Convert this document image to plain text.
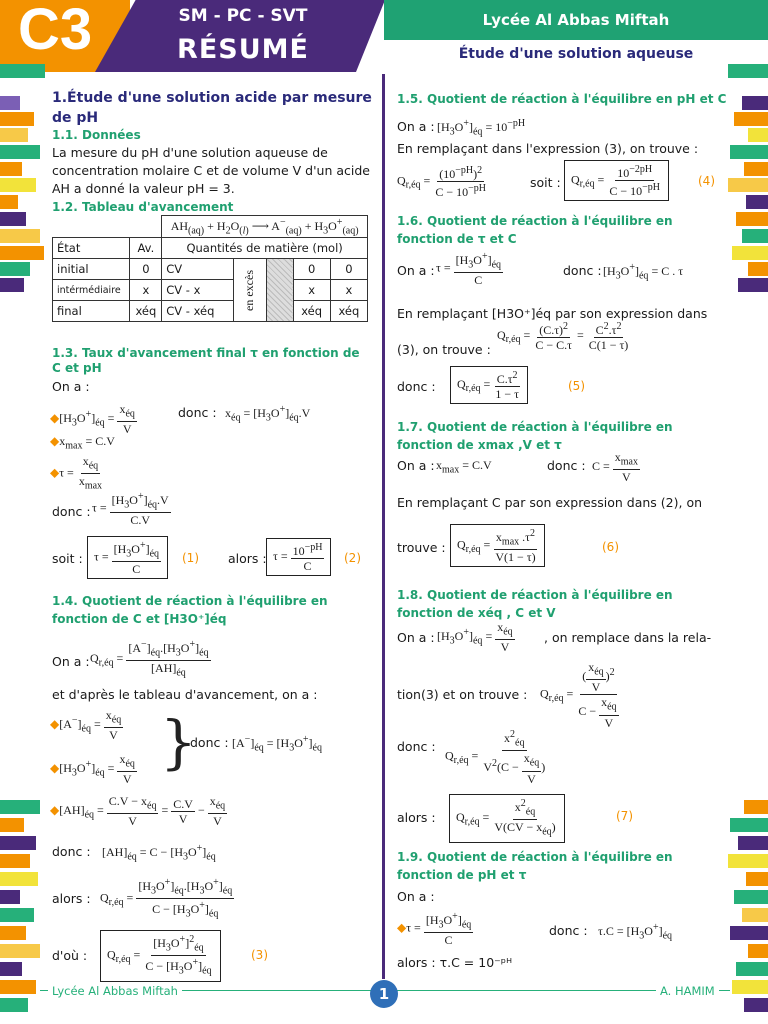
C3	SM - PC - SVT
RÉSUMÉ
Lycée Al Abbas Miftah
Étude d'une solution aqueuse
1.Étude d'une solution acide par mesure de pH
1.1. Données
La mesure du pH d'une solution aqueuse de concentration molaire C et de volume V d'un acide AH a donné la valeur pH = 3.
1.2. Tableau d'avancement
		$AH_{(aq)} + H_2O_{(l)}$ ⟶ $A^-_{(aq)} + H_3O^+_{(aq)}$
État	Av.	Quantités de matière (mol)				
initial	0	CV	en excès		0	0
intérmédiaire	x	CV - x			x	x
final	xéq	CV - xéq			xéq	xéq
1.3. Taux d'avancement final τ en fonction de C et pH
On a :
$◆[H_3O^+]_{éq}$ =
$x_{éq}$
V
donc : $x_{éq} = [H_3O^+]_{éq}.V$
$◆x_{max} = C.V$
◆τ =
$x_{éq}$
$x_{max}$
donc : $\tau = \frac{[H_3O^+]_{éq}.V}{C.V}$
soit : $\tau = \frac{[H_3O^+]_{éq}}{C} (1)$ alors : $\tau = \frac{10^{-pH}}{C} (2)$
1.4. Quotient de réaction à l'équilibre en fonction de C et [H3O⁺]éq
On a : $Q_{r,éq} = \frac{[A^-]_{éq}.[H_3O^+]_{éq}}{[AH]_{éq}}$
et d'après le tableau d'avancement, on a :
$◆[A^-]_{éq}$ =
$x_{éq}$
V
$◆[H_3O^+]_{éq}$ =
$x_{éq}$
V
}
donc : $[A^-]_{éq} = [H_3O^+]_{éq}$
$◆[AH]_{éq}$ =
$C.V - x_{éq}$
V
= $\frac{C.V}{V}$ −
$x_{éq}$
V
donc : $[AH]_{éq} = C - [H_3O^+]_{éq}$
alors : $Q_{r,éq} = \frac{[H_3O^+]_{éq}.[H_3O^+]_{éq}}{C - [H_3O^+]_{éq}}$
d'où :	$Q_{r,éq} = \frac{[H_3O^+]^2_{éq}}{C - [H_3O^+]_{éq}}$	(3)
1.5. Quotient de réaction à l'équilibre en pH et C
On a : $[H_3O^+]_{éq} = 10^{-pH}$
En remplaçant dans l'expression (3), on trouve :
$Q_{r,éq} = \frac{(10^{-pH})^2}{C - 10^{-pH}}$	soit : $Q_{r,éq} = \frac{10^{-2pH}}{C - 10^{-pH}}$	(4)
1.6. Quotient de réaction à l'équilibre en fonction de τ et C
On a : $\tau = \frac{[H_3O^+]_{éq}}{C}$	donc : $[H_3O^+]_{éq} = C$ . τ
En remplaçant [H3O⁺]éq par son expression dans (3), on trouve :
$Q_{r,éq} = \frac{(C.\tau)^2}{C - C.\tau} = \frac{C^2.\tau^2}{C(1 - \tau)}$
donc :	$Q_{r,éq} = \frac{C.\tau^2}{1 - \tau}$	(5)
1.7. Quotient de réaction à l'équilibre en fonction de xmax ,V et τ
On a : $x_{max} = C.V$	donc : C =
$x_{max}$
V
En remplaçant C par son expression dans (2), on
trouve : $Q_{r,éq}$ =
$x_{max}$ $.\tau^2$
V(1 − τ)
(6)
1.8. Quotient de réaction à l'équilibre en fonction de xéq , C et V
On a : $[H_3O^+]_{éq}$ =
$x_{éq}$
V
, on remplace dans la rela-
tion(3) et on trouve : $Q_{r,éq}$ =
(
$x_{éq}$
V
)$^2$
C −
$x_{éq}$
V
donc :
$Q_{r,éq}$ =
$x^2_{éq}$
$V^2(C$ −
$x_{éq}$
V
)
alors :	$Q_{r,éq}$ =
$x^2_{éq}$
$V(CV - x_{éq})$
(7)
1.9. Quotient de réaction à l'équilibre en fonction de pH et τ
On a :
◆τ = $\frac{[H_3O^+]_{éq}}{C}$	donc : $\tau.C = [H_3O^+]_{éq}$
alors : τ.C = 10⁻ᵖᴴ
Lycée Al Abbas Miftah	1	A. HAMIM
